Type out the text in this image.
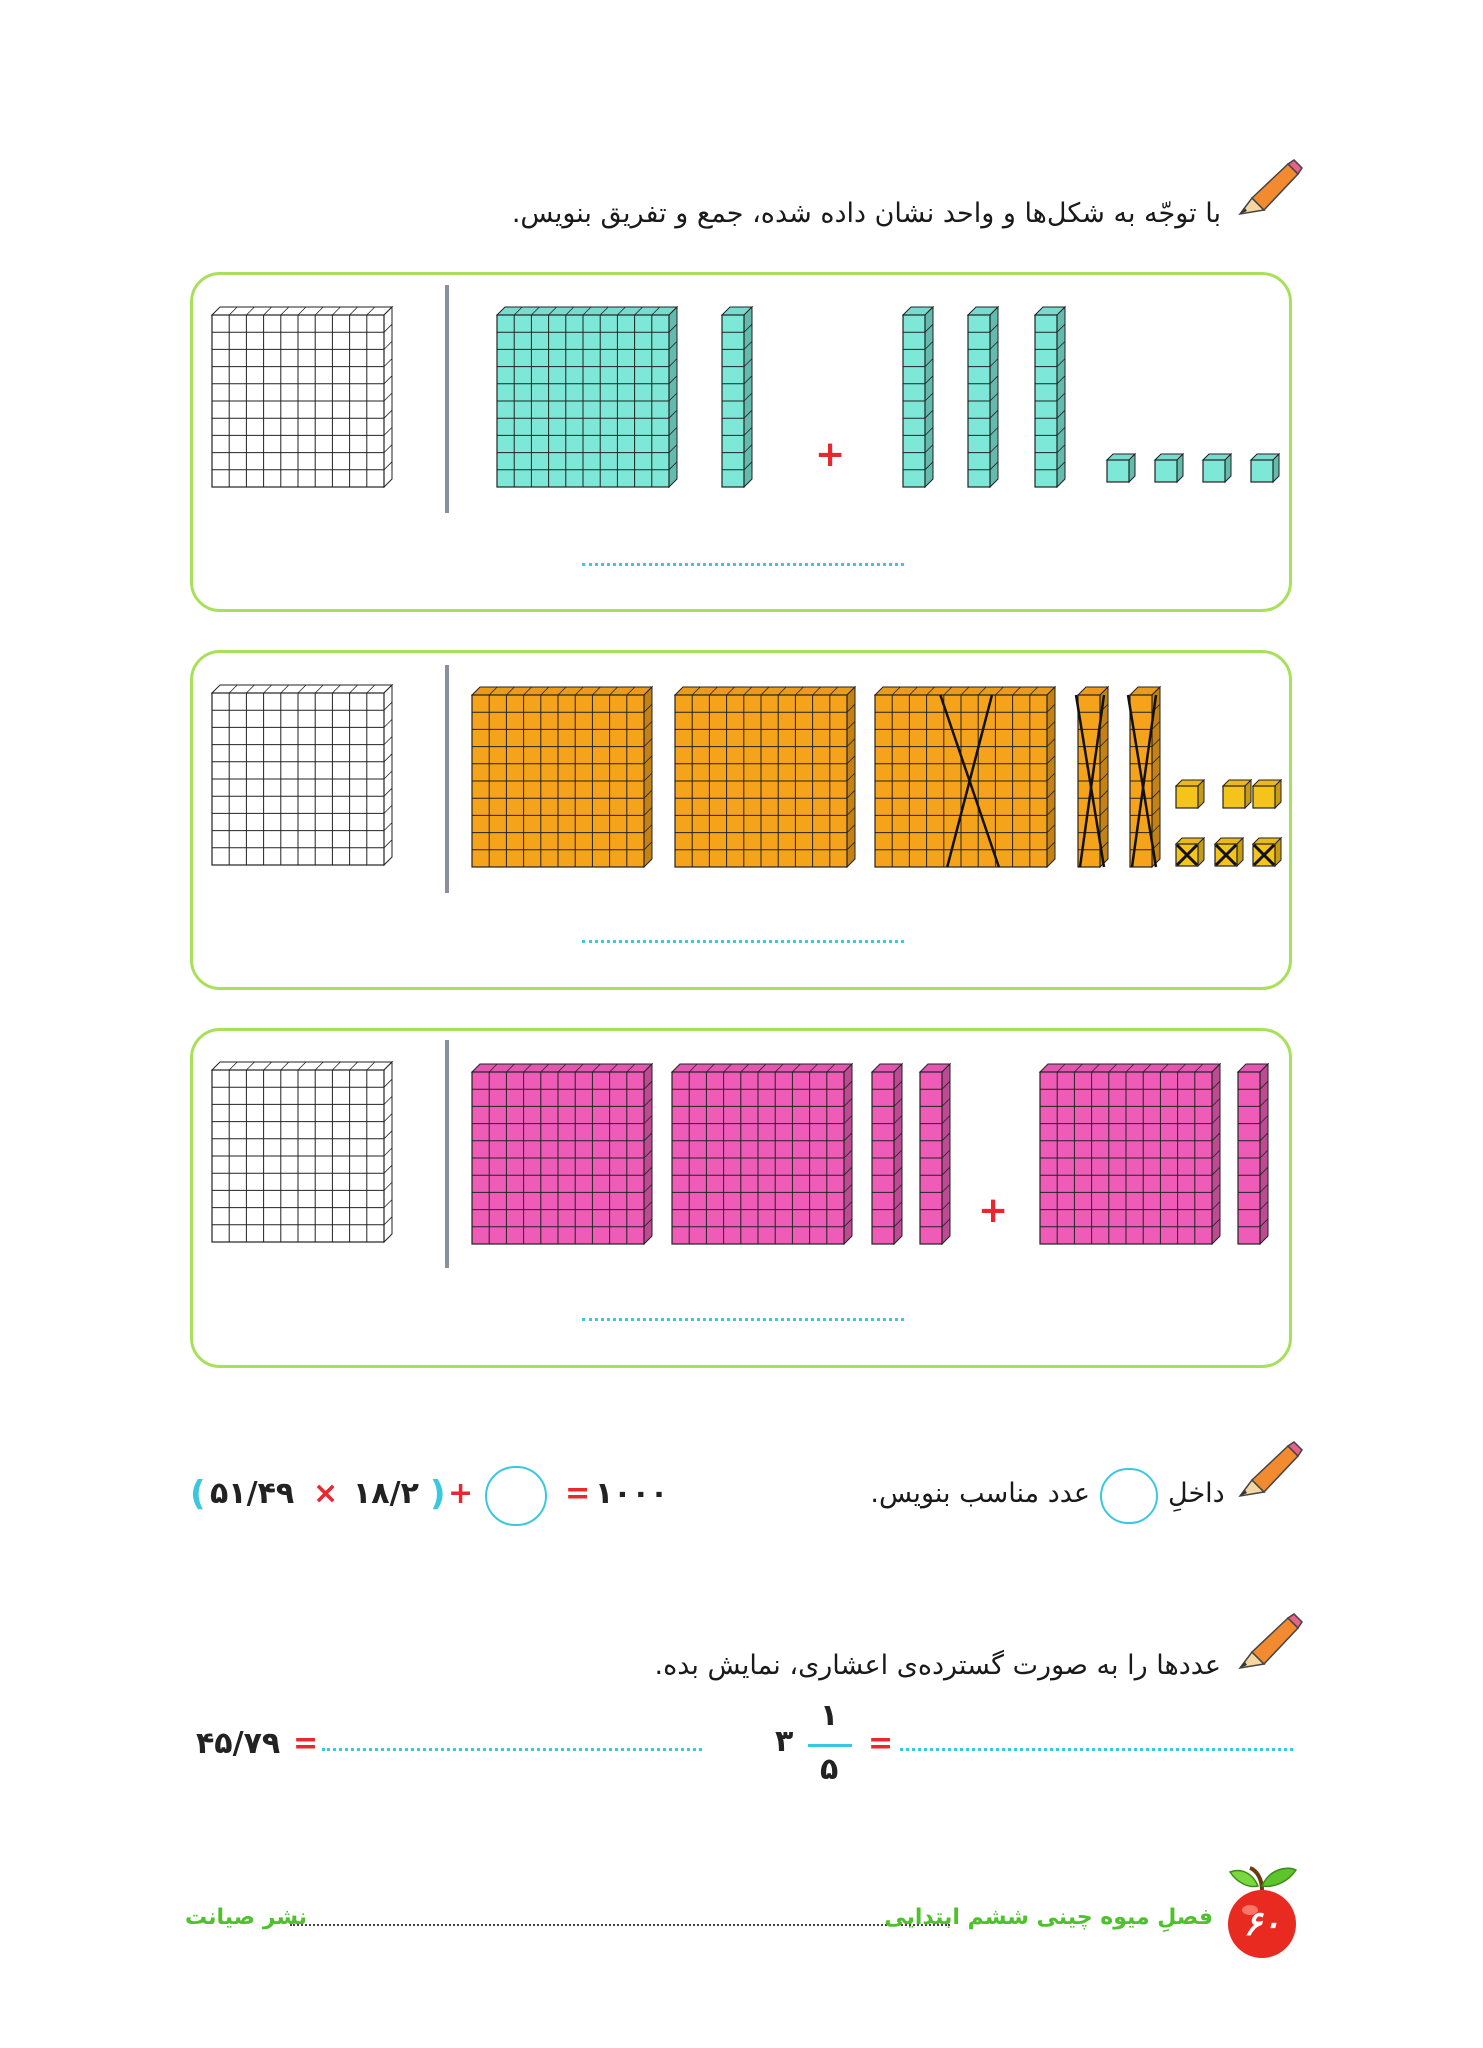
با توجّه به شکل‌ها و واحد نشان داده شده، جمع و تفریق بنویس.
+
+
داخلِ
عدد مناسب بنویس.
( ۵۱/۴۹ × ۱۸/۲ ) +	= ۱۰۰۰
عددها را به صورت گسترده‌ی اعشاری، نمایش بده.
۴۵/۷۹ =	۳
۱
۵
=
نشر صیانت	فصلِ میوه چینی ششم ابتدایی ۶۰
